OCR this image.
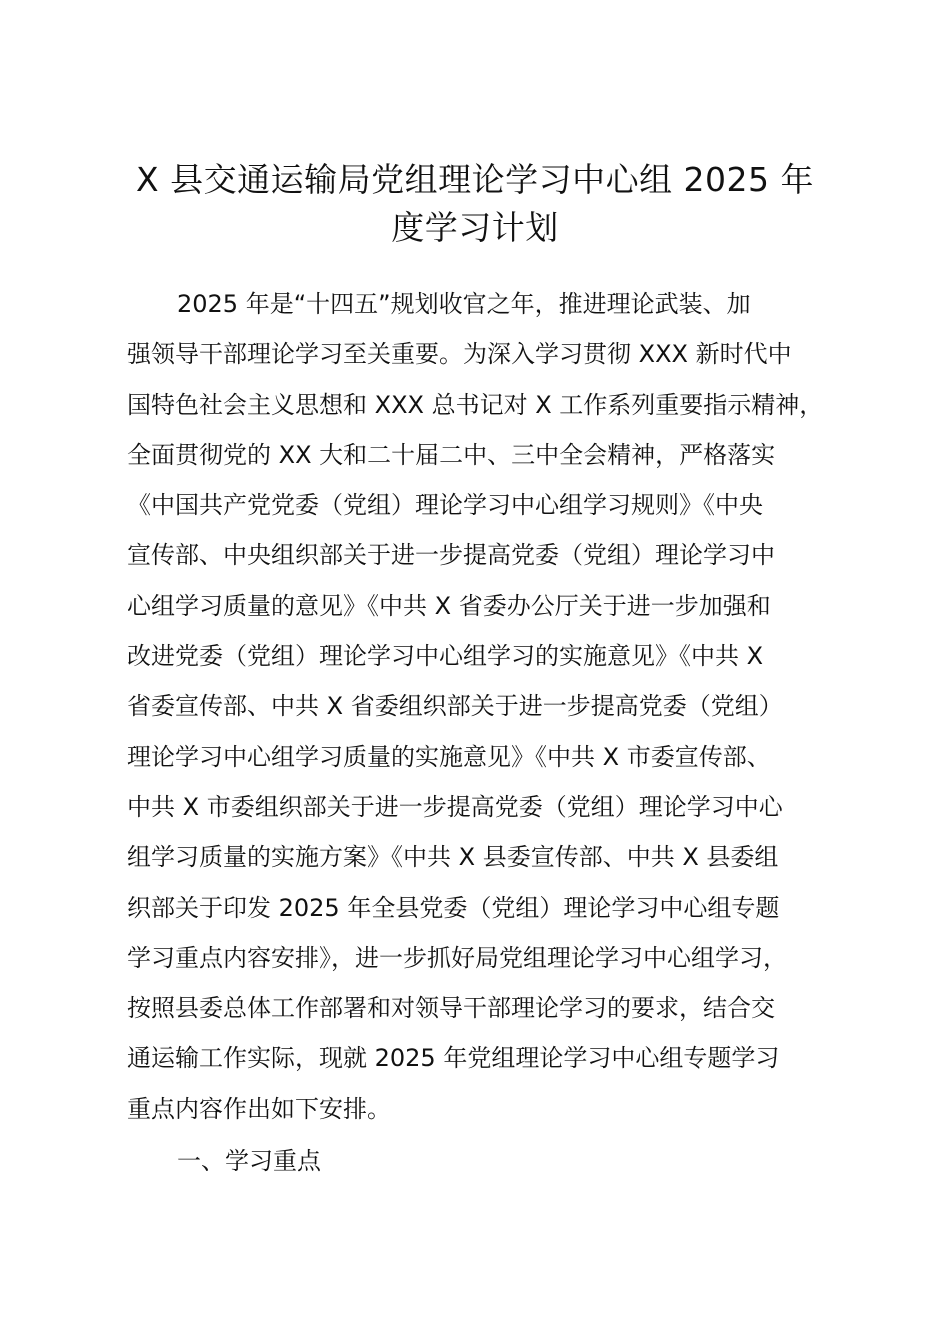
X 县交通运输局党组理论学习中心组 2025 年
度学习计划
2025 年是“十四五”规划收官之年，推进理论武装、加
强领导干部理论学习至关重要。为深入学习贯彻 XXX 新时代中
国特色社会主义思想和 XXX 总书记对 X 工作系列重要指示精神，
全面贯彻党的 XX 大和二十届二中、三中全会精神，严格落实
《中国共产党党委（党组）理论学习中心组学习规则》《中央
宣传部、中央组织部关于进一步提高党委（党组）理论学习中
心组学习质量的意见》《中共 X 省委办公厅关于进一步加强和
改进党委（党组）理论学习中心组学习的实施意见》《中共 X
省委宣传部、中共 X 省委组织部关于进一步提高党委（党组）
理论学习中心组学习质量的实施意见》《中共 X 市委宣传部、
中共 X 市委组织部关于进一步提高党委（党组）理论学习中心
组学习质量的实施方案》《中共 X 县委宣传部、中共 X 县委组
织部关于印发 2025 年全县党委（党组）理论学习中心组专题
学习重点内容安排》，进一步抓好局党组理论学习中心组学习，
按照县委总体工作部署和对领导干部理论学习的要求，结合交
通运输工作实际，现就 2025 年党组理论学习中心组专题学习
重点内容作出如下安排。
一、学习重点
